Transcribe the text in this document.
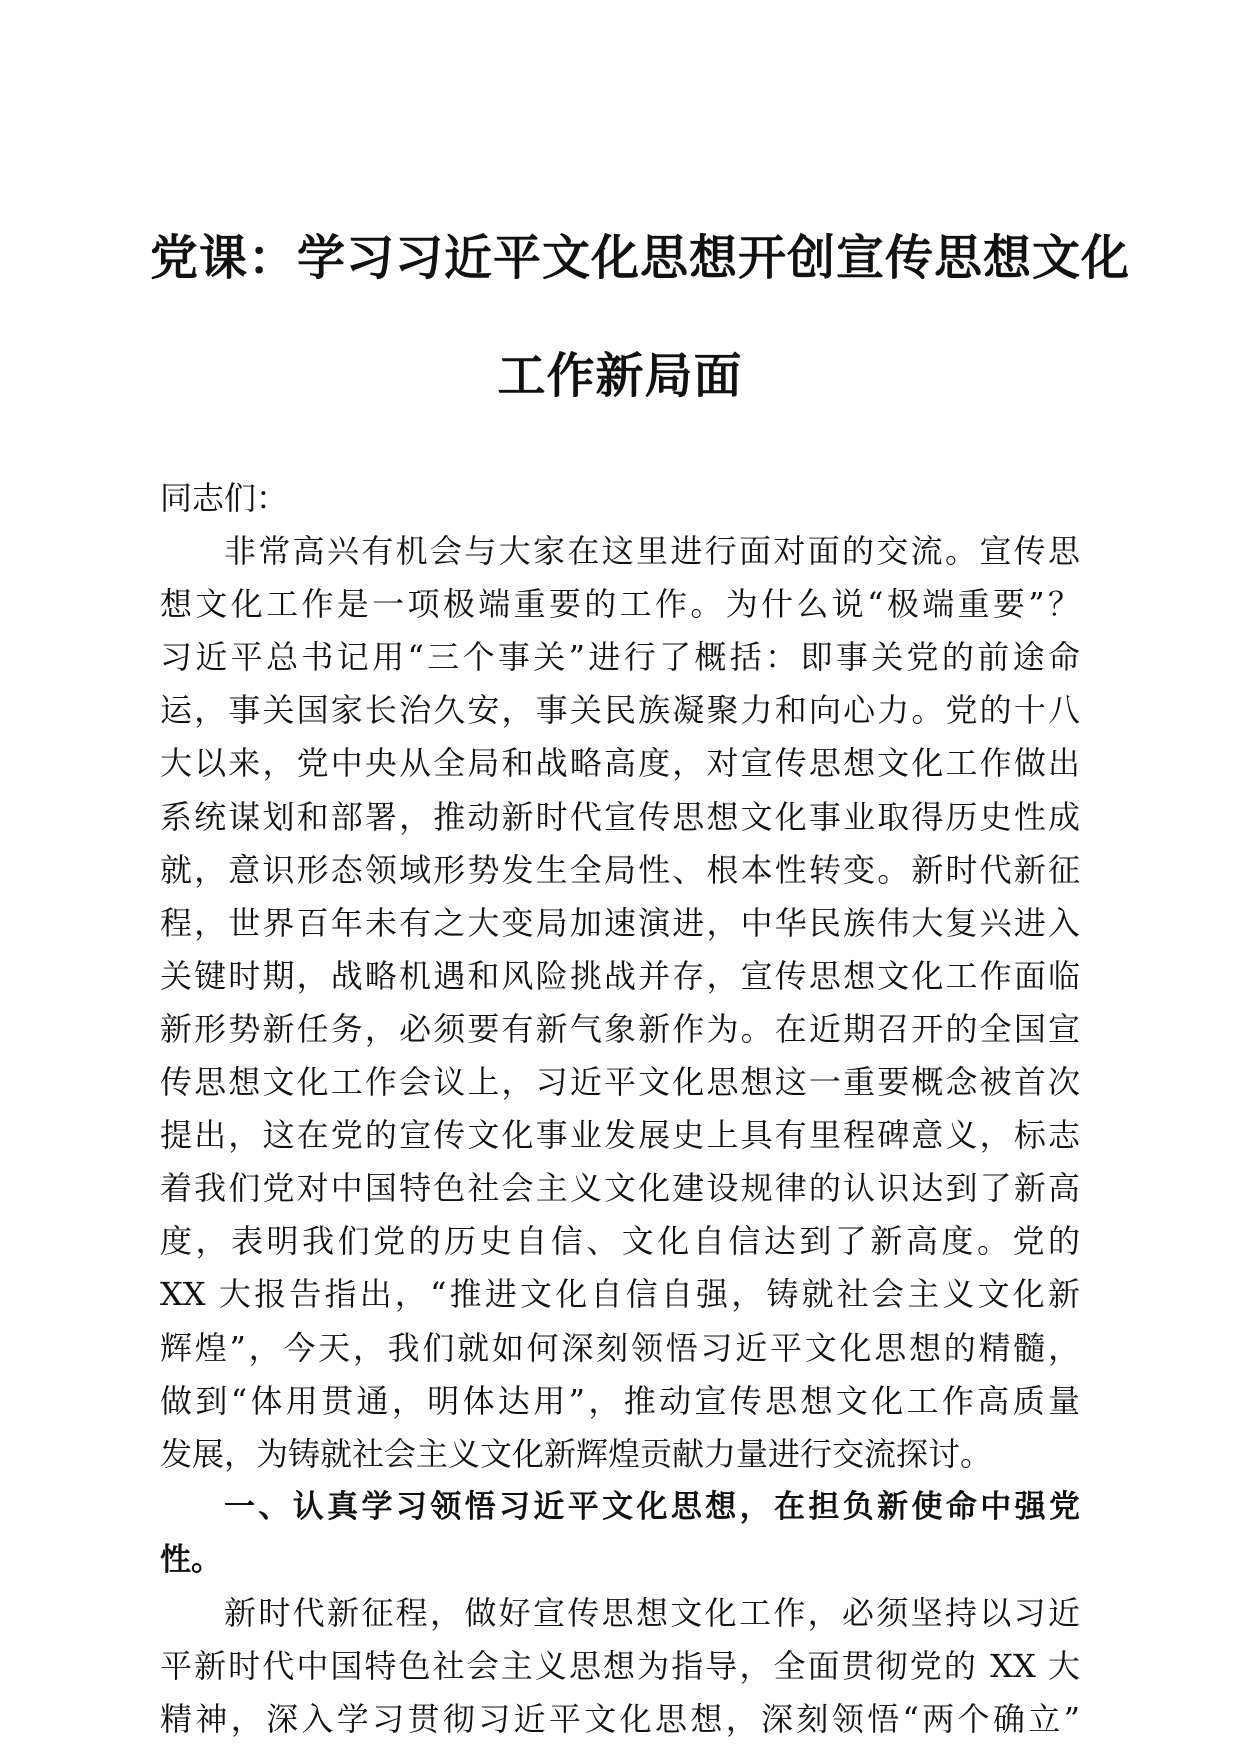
党课：学习习近平文化思想开创宣传思想文化
工作新局面
同志们：
非常高兴有机会与大家在这里进行面对面的交流。宣传思
想文化工作是一项极端重要的工作。为什么说“极端重要”？
习近平总书记用“三个事关”进行了概括：即事关党的前途命
运，事关国家长治久安，事关民族凝聚力和向心力。党的十八
大以来，党中央从全局和战略高度，对宣传思想文化工作做出
系统谋划和部署，推动新时代宣传思想文化事业取得历史性成
就，意识形态领域形势发生全局性、根本性转变。新时代新征
程，世界百年未有之大变局加速演进，中华民族伟大复兴进入
关键时期，战略机遇和风险挑战并存，宣传思想文化工作面临
新形势新任务，必须要有新气象新作为。在近期召开的全国宣
传思想文化工作会议上，习近平文化思想这一重要概念被首次
提出，这在党的宣传文化事业发展史上具有里程碑意义，标志
着我们党对中国特色社会主义文化建设规律的认识达到了新高
度，表明我们党的历史自信、文化自信达到了新高度。党的
XX 大报告指出，“推进文化自信自强，铸就社会主义文化新
辉煌”，今天，我们就如何深刻领悟习近平文化思想的精髓，
做到“体用贯通，明体达用”，推动宣传思想文化工作高质量
发展，为铸就社会主义文化新辉煌贡献力量进行交流探讨。
一、认真学习领悟习近平文化思想，在担负新使命中强党
性。
新时代新征程，做好宣传思想文化工作，必须坚持以习近
平新时代中国特色社会主义思想为指导，全面贯彻党的 XX 大
精神，深入学习贯彻习近平文化思想，深刻领悟“两个确立”
